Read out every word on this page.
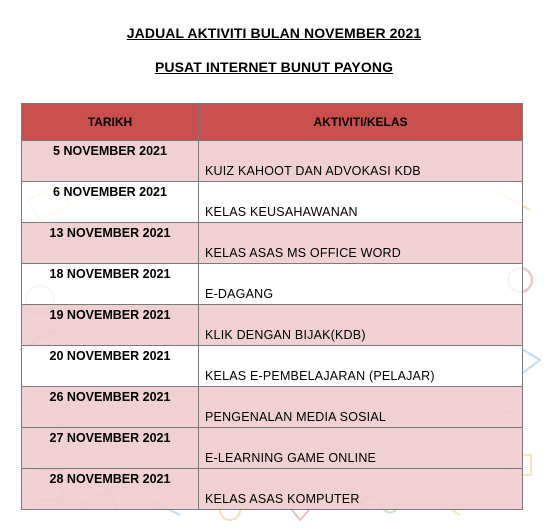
JADUAL AKTIVITI BULAN NOVEMBER 2021
PUSAT INTERNET BUNUT PAYONG
TARIKH	AKTIVITI/KELAS
5 NOVEMBER 2021	KUIZ KAHOOT DAN ADVOKASI KDB
6 NOVEMBER 2021	KELAS KEUSAHAWANAN
13 NOVEMBER 2021	KELAS ASAS MS OFFICE WORD
18 NOVEMBER 2021	E-DAGANG
19 NOVEMBER 2021	KLIK DENGAN BIJAK(KDB)
20 NOVEMBER 2021	KELAS E-PEMBELAJARAN (PELAJAR)
26 NOVEMBER 2021	PENGENALAN MEDIA SOSIAL
27 NOVEMBER 2021	E-LEARNING GAME ONLINE
28 NOVEMBER 2021	KELAS ASAS KOMPUTER
